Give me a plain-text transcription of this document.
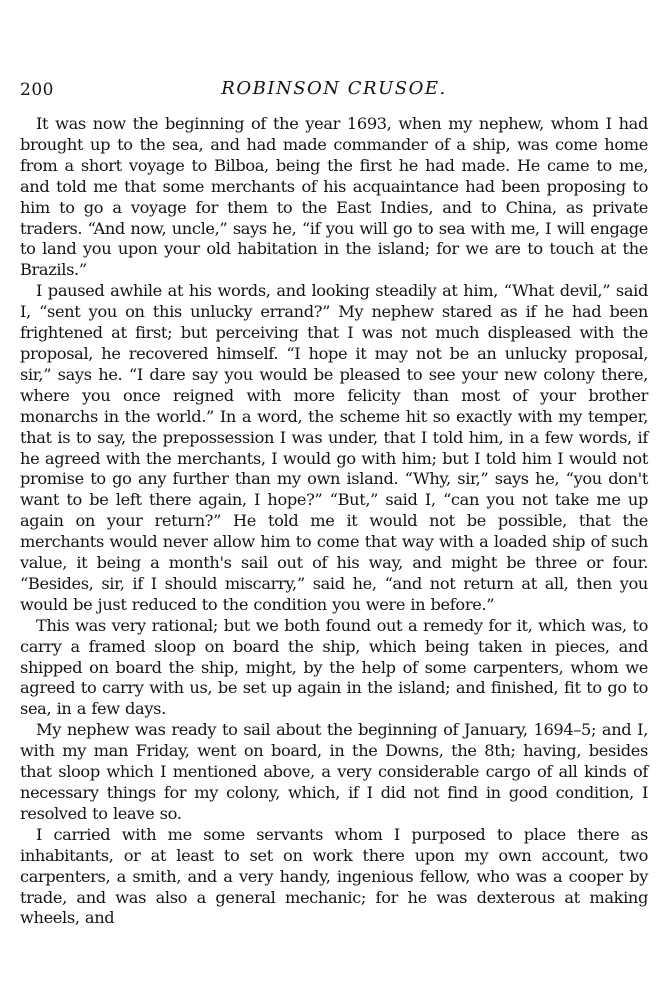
200	ROBINSON CRUSOE.

It was now the beginning of the year 1693, when my nephew, whom I had brought up to the sea, and had made commander of a ship, was come home from a short voyage to Bilboa, being the first he had made. He came to me, and told me that some merchants of his acquaintance had been proposing to him to go a voyage for them to the East Indies, and to China, as private traders. “And now, uncle,” says he, “if you will go to sea with me, I will engage to land you upon your old habitation in the island; for we are to touch at the Brazils.”

I paused awhile at his words, and looking steadily at him, “What devil,” said I, “sent you on this unlucky errand?” My nephew stared as if he had been frightened at first; but perceiving that I was not much displeased with the proposal, he recovered himself. “I hope it may not be an unlucky proposal, sir,” says he. “I dare say you would be pleased to see your new colony there, where you once reigned with more felicity than most of your brother monarchs in the world.” In a word, the scheme hit so exactly with my temper, that is to say, the prepossession I was under, that I told him, in a few words, if he agreed with the merchants, I would go with him; but I told him I would not promise to go any further than my own island. “Why, sir,” says he, “you don't want to be left there again, I hope?” “But,” said I, “can you not take me up again on your return?” He told me it would not be possible, that the merchants would never allow him to come that way with a loaded ship of such value, it being a month's sail out of his way, and might be three or four. “Besides, sir, if I should miscarry,” said he, “and not return at all, then you would be just reduced to the condition you were in before.”

This was very rational; but we both found out a remedy for it, which was, to carry a framed sloop on board the ship, which being taken in pieces, and shipped on board the ship, might, by the help of some carpenters, whom we agreed to carry with us, be set up again in the island; and finished, fit to go to sea, in a few days.

My nephew was ready to sail about the beginning of January, 1694–5; and I, with my man Friday, went on board, in the Downs, the 8th; having, besides that sloop which I mentioned above, a very considerable cargo of all kinds of necessary things for my colony, which, if I did not find in good condition, I resolved to leave so.

I carried with me some servants whom I purposed to place there as inhabitants, or at least to set on work there upon my own account, two carpenters, a smith, and a very handy, ingenious fellow, who was a cooper by trade, and was also a general mechanic; for he was dexterous at making wheels, and
